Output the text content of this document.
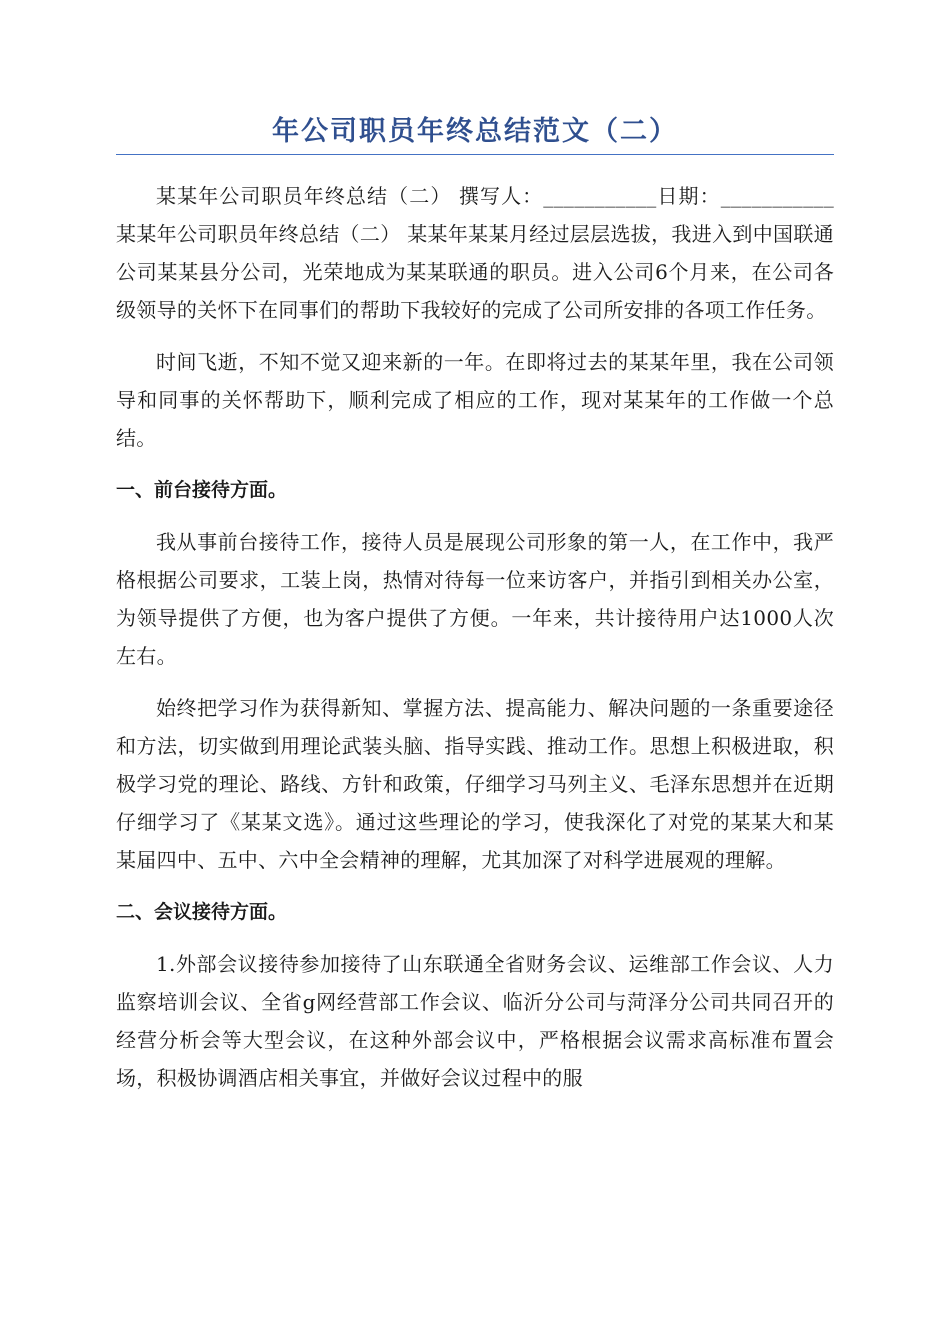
年公司职员年终总结范文（二）

某某年公司职员年终总结（二） 撰写人：___________日期：___________某某年公司职员年终总结（二） 某某年某某月经过层层选拔，我进入到中国联通公司某某县分公司，光荣地成为某某联通的职员。进入公司6个月来，在公司各级领导的关怀下在同事们的帮助下我较好的完成了公司所安排的各项工作任务。

时间飞逝，不知不觉又迎来新的一年。在即将过去的某某年里，我在公司领导和同事的关怀帮助下，顺利完成了相应的工作，现对某某年的工作做一个总结。

一、前台接待方面。

我从事前台接待工作，接待人员是展现公司形象的第一人，在工作中，我严格根据公司要求，工装上岗，热情对待每一位来访客户，并指引到相关办公室，为领导提供了方便，也为客户提供了方便。一年来，共计接待用户达1000人次左右。

始终把学习作为获得新知、掌握方法、提高能力、解决问题的一条重要途径和方法，切实做到用理论武装头脑、指导实践、推动工作。思想上积极进取，积极学习党的理论、路线、方针和政策，仔细学习马列主义、毛泽东思想并在近期仔细学习了《某某文选》。通过这些理论的学习，使我深化了对党的某某大和某某届四中、五中、六中全会精神的理解，尤其加深了对科学进展观的理解。

二、会议接待方面。

1.外部会议接待参加接待了山东联通全省财务会议、运维部工作会议、人力监察培训会议、全省g网经营部工作会议、临沂分公司与菏泽分公司共同召开的经营分析会等大型会议，在这种外部会议中，严格根据会议需求高标准布置会场，积极协调酒店相关事宜，并做好会议过程中的服
